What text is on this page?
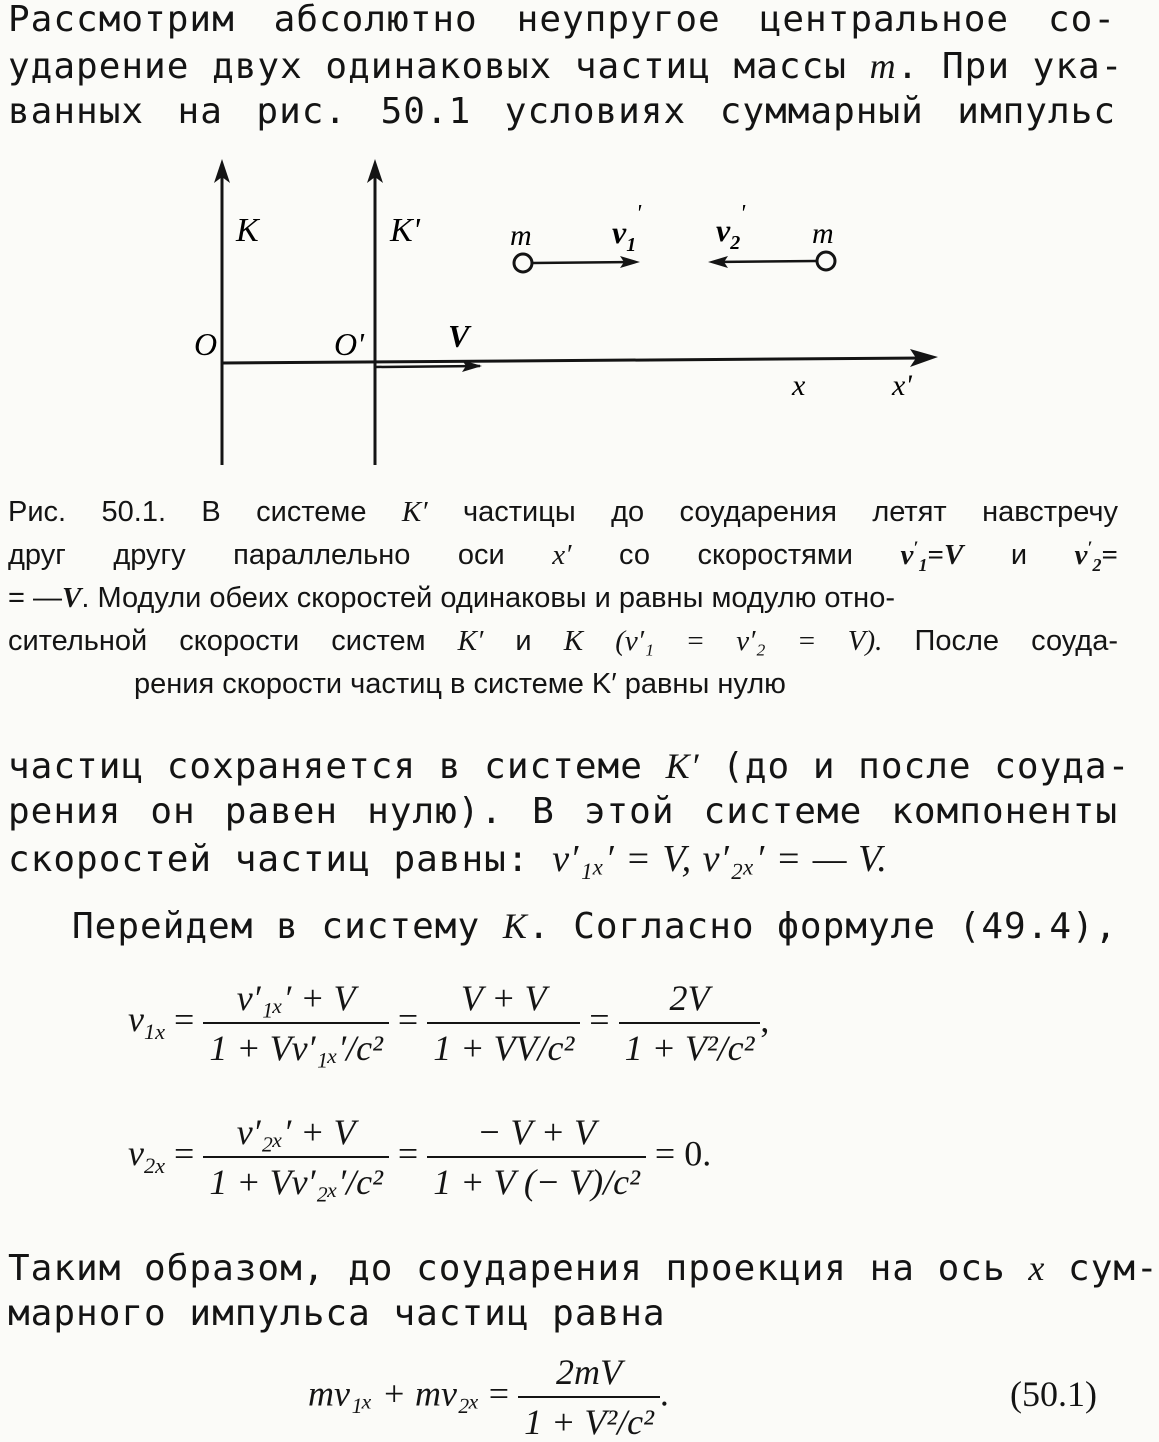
Рассмотрим абсолютно неупругое центральное со-
ударение двух одинаковых частиц массы m. При ука-
ванных на рис. 50.1 условиях суммарный импульс
K	K'
O	O'	V
x	x'
m	m
$v_1$
' $v_2$
'
Рис. 50.1. В системе K′ частицы до соударения летят навстречу
друг другу параллельно оси x′ со скоростями $v'_1=V$ и $v'_2=$
= —V. Модули обеих скоростей одинаковы и равны модулю отно-
сительной скорости систем K′ и K (v′₁ = v′₂ = V). После соуда-
рения скорости частиц в системе K′ равны нулю
частиц сохраняется в системе K′ (до и после соуда-
рения он равен нулю). В этой системе компоненты
скоростей частиц равны: v′₁ₓ′ = V, v′₂ₓ′ = — V.
Перейдем в систему K. Согласно формуле (49.4),
$v_{1x} = \frac{\text{v′₁ₓ′ + V}}{\text{1 + Vv′₁ₓ′/c²}} = \frac{V + V}{\text{1 + VV/c²}} = \frac{2V}{\text{1 + V²/c²}}$ ,
$v_{2x} = \frac{\text{v′₂ₓ′ + V}}{\text{1 + Vv′₂ₓ′/c²}} = \frac{- V + V}{\text{1 + V (− V)/c²}} = 0$.
Таким образом, до соударения проекция на ось x сум-
марного импульса частиц равна
$mv_{1x} + mv_{2x} = \frac{2mV}{\text{1 + V²/c²}}$ .	(50.1)
